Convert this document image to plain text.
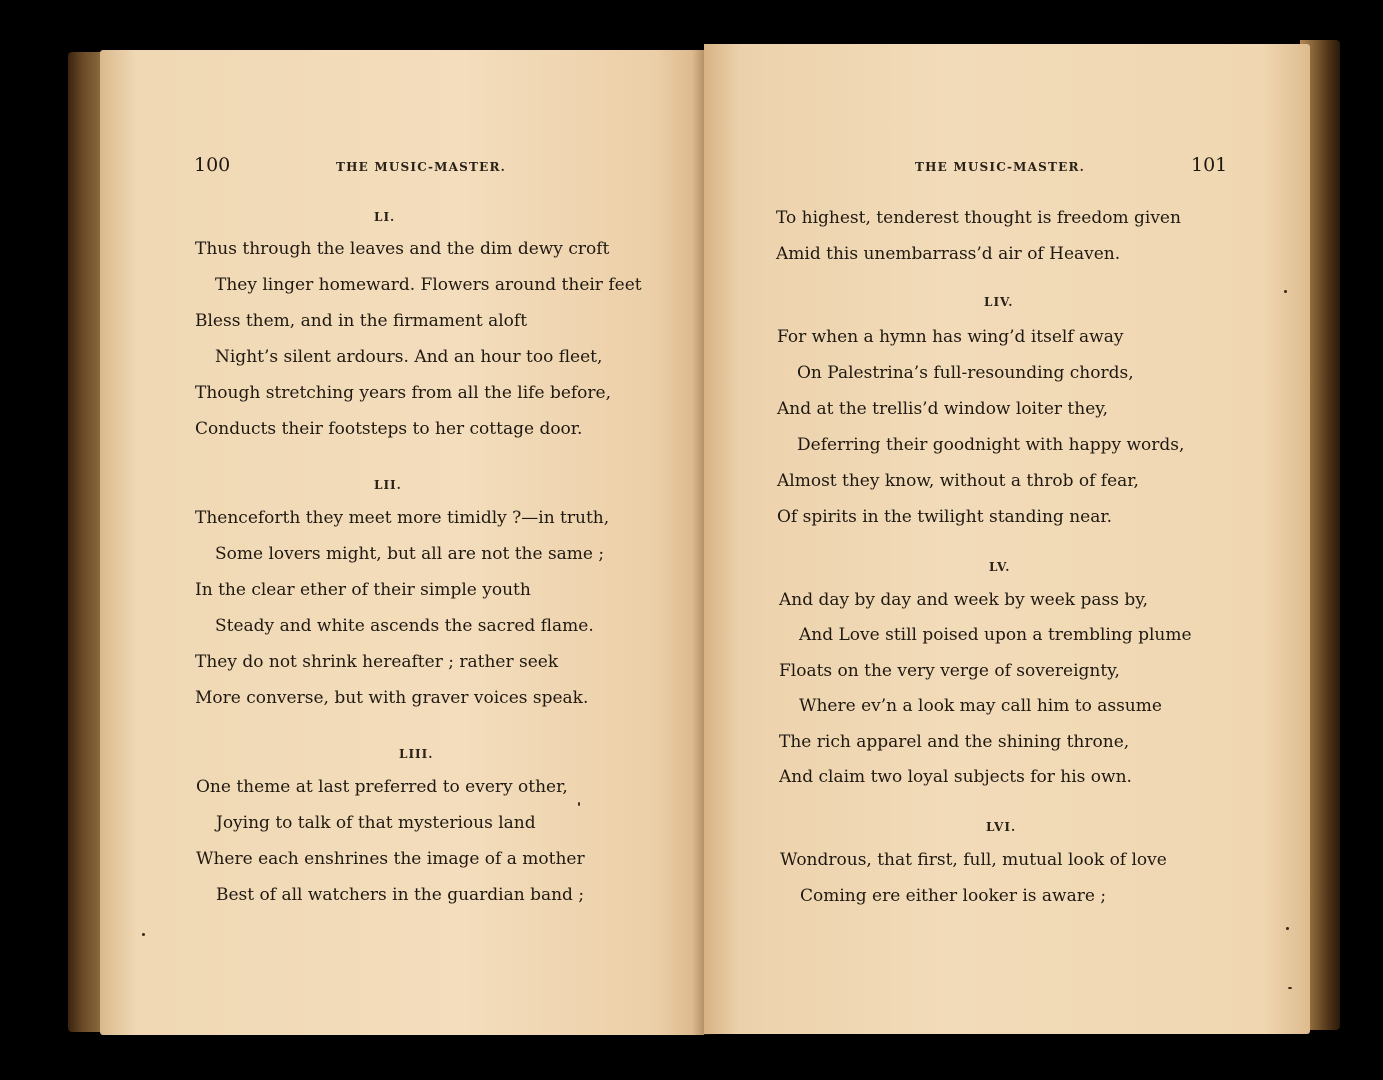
100	THE MUSIC-MASTER.
LI.
Thus through the leaves and the dim dewy croft
They linger homeward. Flowers around their feet
Bless them, and in the firmament aloft
Night’s silent ardours. And an hour too fleet,
Though stretching years from all the life before,
Conducts their footsteps to her cottage door.
LII.
Thenceforth they meet more timidly ?—in truth,
Some lovers might, but all are not the same ;
In the clear ether of their simple youth
Steady and white ascends the sacred flame.
They do not shrink hereafter ; rather seek
More converse, but with graver voices speak.
LIII.
One theme at last preferred to every other,
Joying to talk of that mysterious land
Where each enshrines the image of a mother
Best of all watchers in the guardian band ;
THE MUSIC-MASTER.	101
To highest, tenderest thought is freedom given
Amid this unembarrass’d air of Heaven.
LIV.
For when a hymn has wing’d itself away
On Palestrina’s full-resounding chords,
And at the trellis’d window loiter they,
Deferring their goodnight with happy words,
Almost they know, without a throb of fear,
Of spirits in the twilight standing near.
LV.
And day by day and week by week pass by,
And Love still poised upon a trembling plume
Floats on the very verge of sovereignty,
Where ev’n a look may call him to assume
The rich apparel and the shining throne,
And claim two loyal subjects for his own.
LVI.
Wondrous, that first, full, mutual look of love
Coming ere either looker is aware ;
